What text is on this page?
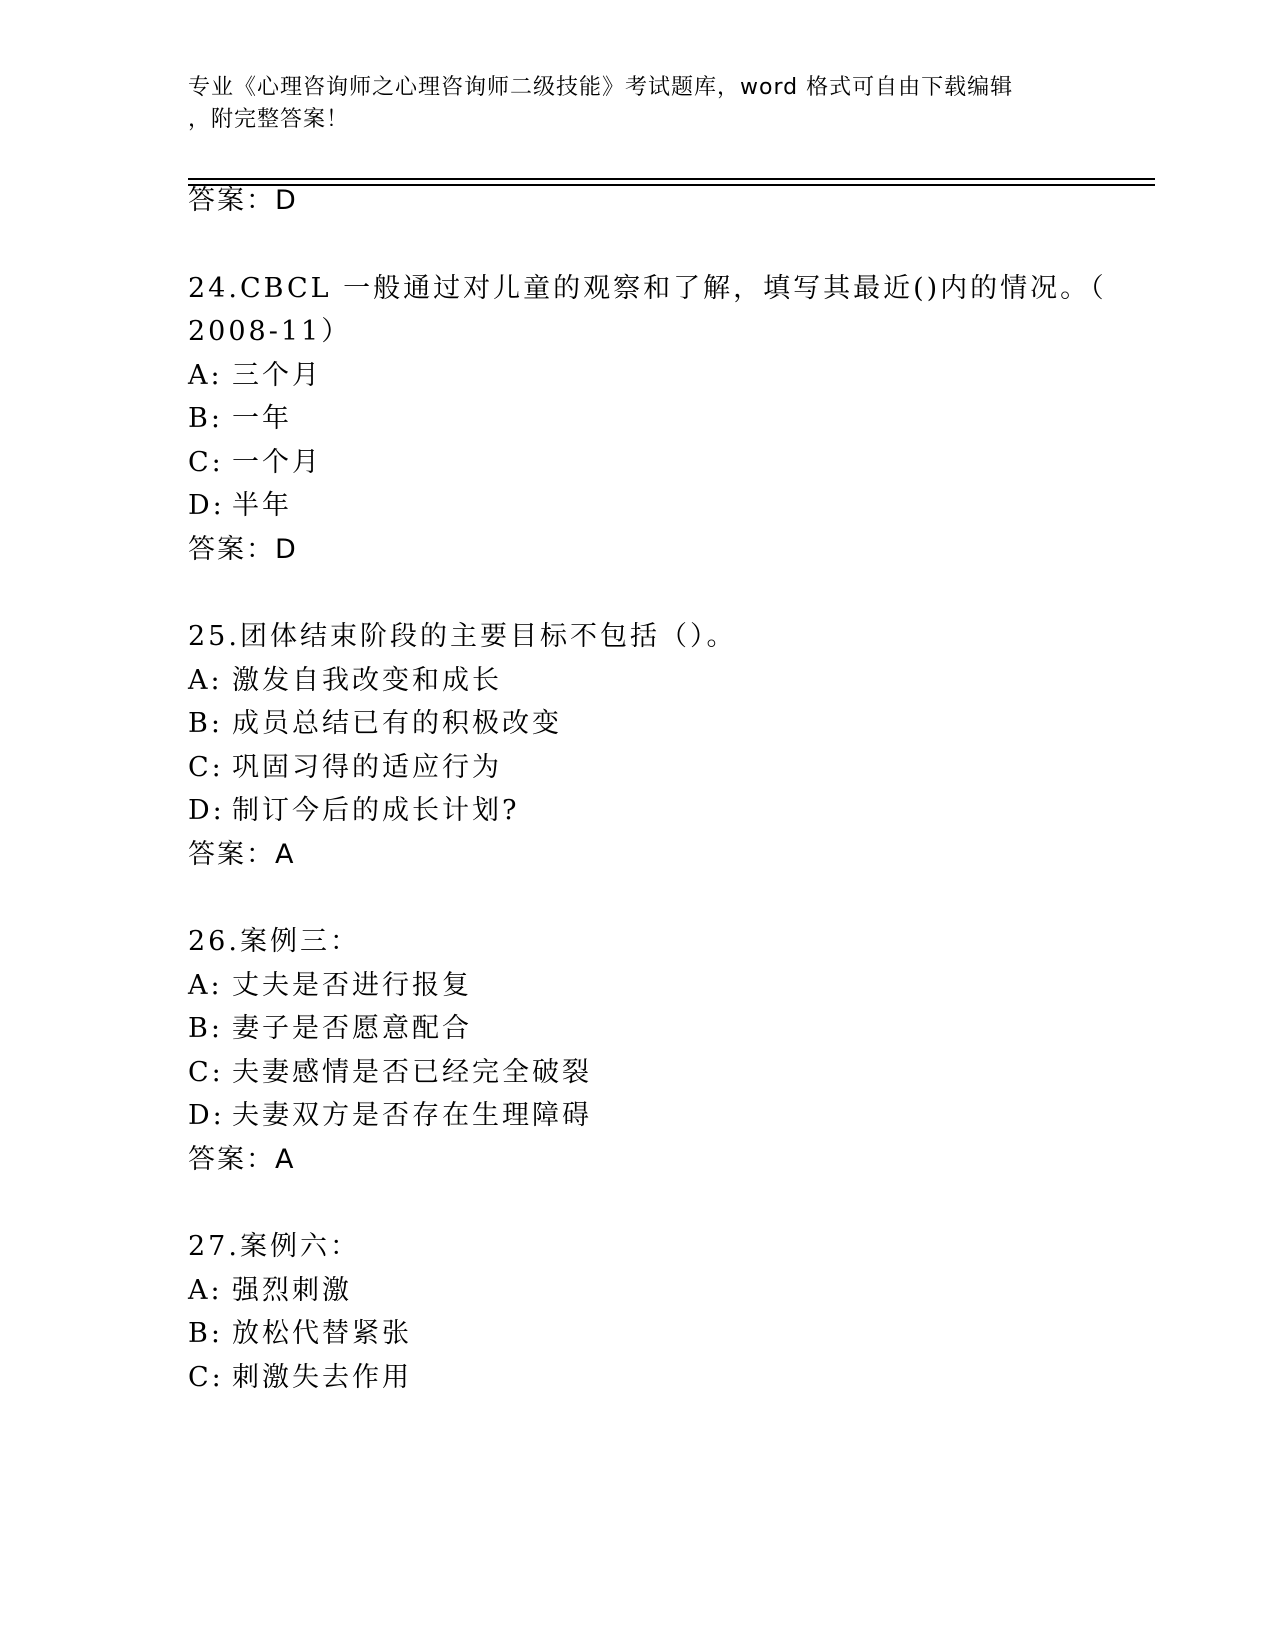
专业《心理咨询师之心理咨询师二级技能》考试题库，word 格式可自由下载编辑
，附完整答案！
答案：D
24.CBCL 一般通过对儿童的观察和了解，填写其最近()内的情况。（
2008-11）
A: 三个月
B: 一年
C: 一个月
D: 半年
答案：D
25.团体结束阶段的主要目标不包括（）。
A: 激发自我改变和成长
B: 成员总结已有的积极改变
C: 巩固习得的适应行为
D: 制订今后的成长计划?
答案：A
26.案例三：
A: 丈夫是否进行报复
B: 妻子是否愿意配合
C: 夫妻感情是否已经完全破裂
D: 夫妻双方是否存在生理障碍
答案：A
27.案例六：
A: 强烈刺激
B: 放松代替紧张
C: 刺激失去作用
